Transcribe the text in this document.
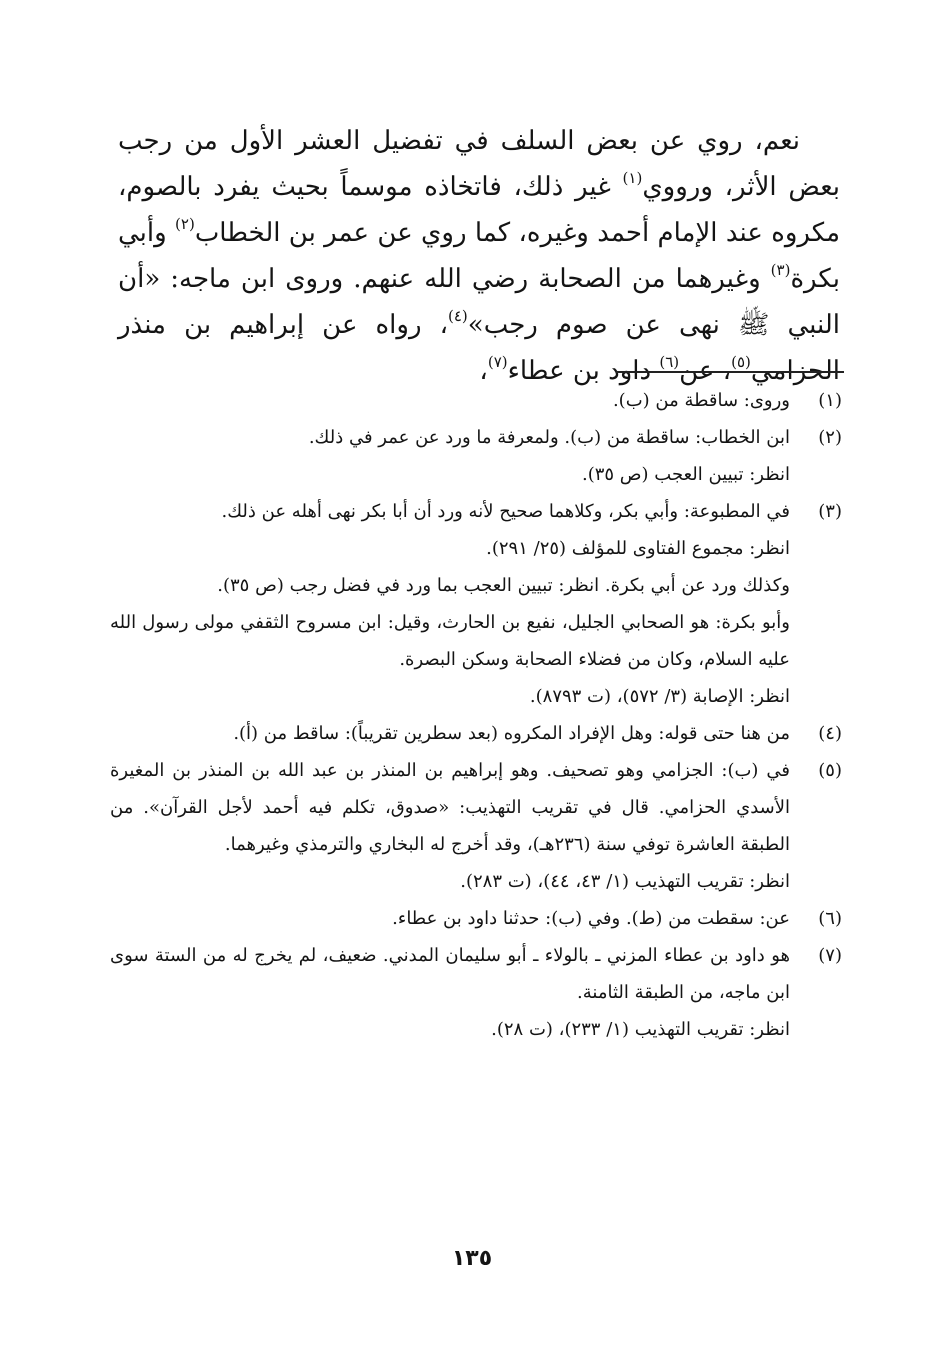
نعم، روي عن بعض السلف في تفضيل العشر الأول من رجب بعض الأثر، ورووي$^{(١)}$ غير ذلك، فاتخاذه موسماً بحيث يفرد بالصوم، مكروه عند الإمام أحمد وغيره، كما روي عن عمر بن الخطاب$^{(٢)}$ وأبي بكرة$^{(٣)}$ وغيرهما من الصحابة رضي الله عنهم. وروى ابن ماجه: «أن النبي ﷺ نهى عن صوم رجب»$^{(٤)}$، رواه عن إبراهيم بن منذر الحزامي$^{(٥)}$، عن$^{(٦)}$ داود بن عطاء$^{(٧)}$،

(١)
وروى: ساقطة من (ب).
(٢)
ابن الخطاب: ساقطة من (ب). ولمعرفة ما ورد عن عمر في ذلك.
انظر: تبيين العجب (ص ٣٥).
(٣)
في المطبوعة: وأبي بكر، وكلاهما صحيح لأنه ورد أن أبا بكر نهى أهله عن ذلك.
انظر: مجموع الفتاوى للمؤلف (٢٥/ ٢٩١).
وكذلك ورد عن أبي بكرة. انظر: تبيين العجب بما ورد في فضل رجب (ص ٣٥).
وأبو بكرة: هو الصحابي الجليل، نفيع بن الحارث، وقيل: ابن مسروح الثقفي مولى رسول الله عليه السلام، وكان من فضلاء الصحابة وسكن البصرة.
انظر: الإصابة (٣/ ٥٧٢)، (ت ٨٧٩٣).
(٤)
من هنا حتى قوله: وهل الإفراد المكروه (بعد سطرين تقريباً): ساقط من (أ).
(٥)
في (ب): الجزامي وهو تصحيف. وهو إبراهيم بن المنذر بن عبد الله بن المنذر بن المغيرة الأسدي الحزامي. قال في تقريب التهذيب: «صدوق، تكلم فيه أحمد لأجل القرآن». من الطبقة العاشرة توفي سنة (٢٣٦هـ)، وقد أخرج له البخاري والترمذي وغيرهما.
انظر: تقريب التهذيب (١/ ٤٣، ٤٤)، (ت ٢٨٣).
(٦)
عن: سقطت من (ط). وفي (ب): حدثنا داود بن عطاء.
(٧)
هو داود بن عطاء المزني ـ بالولاء ـ أبو سليمان المدني. ضعيف، لم يخرج له من الستة سوى ابن ماجه، من الطبقة الثامنة.
انظر: تقريب التهذيب (١/ ٢٣٣)، (ت ٢٨).
١٣٥
